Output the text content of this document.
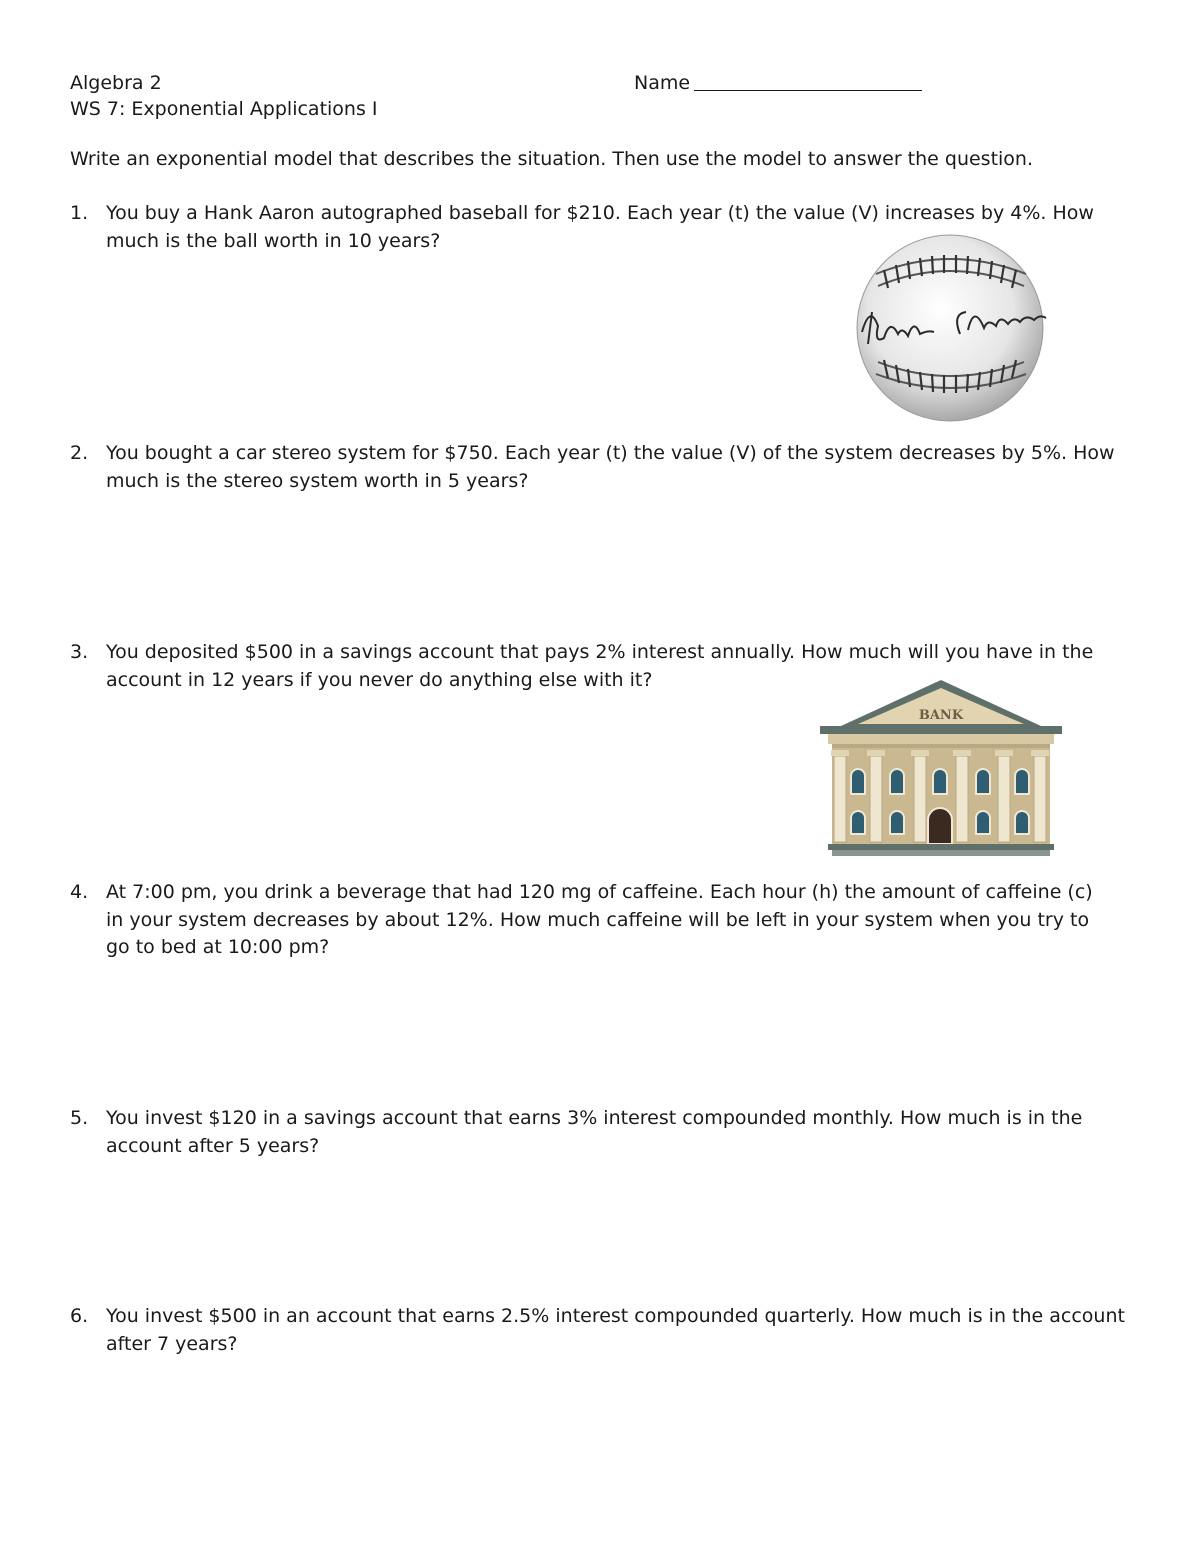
Algebra 2
WS 7: Exponential Applications I
Name
Write an exponential model that describes the situation. Then use the model to answer the question.
1. You buy a Hank Aaron autographed baseball for $210. Each year (t) the value (V) increases by 4%. How much is the ball worth in 10 years?
2. You bought a car stereo system for $750. Each year (t) the value (V) of the system decreases by 5%. How much is the stereo system worth in 5 years?
3. You deposited $500 in a savings account that pays 2% interest annually. How much will you have in the account in 12 years if you never do anything else with it?
BANK
4. At 7:00 pm, you drink a beverage that had 120 mg of caffeine. Each hour (h) the amount of caffeine (c) in your system decreases by about 12%. How much caffeine will be left in your system when you try to go to bed at 10:00 pm?
5. You invest $120 in a savings account that earns 3% interest compounded monthly. How much is in the account after 5 years?
6. You invest $500 in an account that earns 2.5% interest compounded quarterly. How much is in the account after 7 years?
